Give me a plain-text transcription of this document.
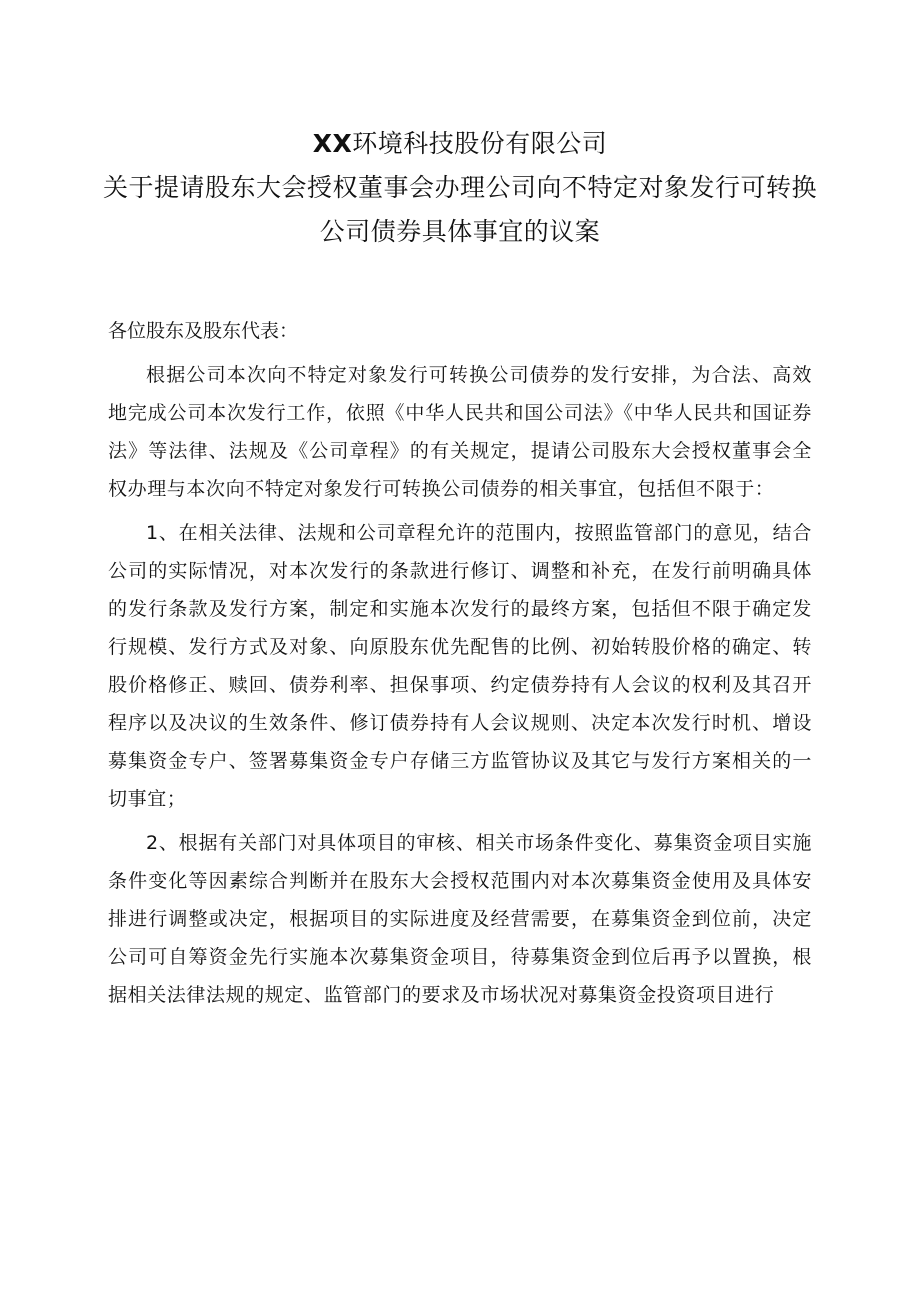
XX环境科技股份有限公司
关于提请股东大会授权董事会办理公司向不特定对象发行可转换
公司债券具体事宜的议案

各位股东及股东代表：

根据公司本次向不特定对象发行可转换公司债券的发行安排，为合法、高效地完成公司本次发行工作，依照《中华人民共和国公司法》《中华人民共和国证券法》等法律、法规及《公司章程》的有关规定，提请公司股东大会授权董事会全权办理与本次向不特定对象发行可转换公司债券的相关事宜，包括但不限于：

1、在相关法律、法规和公司章程允许的范围内，按照监管部门的意见，结合公司的实际情况，对本次发行的条款进行修订、调整和补充，在发行前明确具体的发行条款及发行方案，制定和实施本次发行的最终方案，包括但不限于确定发行规模、发行方式及对象、向原股东优先配售的比例、初始转股价格的确定、转股价格修正、赎回、债券利率、担保事项、约定债券持有人会议的权利及其召开程序以及决议的生效条件、修订债券持有人会议规则、决定本次发行时机、增设募集资金专户、签署募集资金专户存储三方监管协议及其它与发行方案相关的一切事宜；

2、根据有关部门对具体项目的审核、相关市场条件变化、募集资金项目实施条件变化等因素综合判断并在股东大会授权范围内对本次募集资金使用及具体安排进行调整或决定，根据项目的实际进度及经营需要，在募集资金到位前，决定公司可自筹资金先行实施本次募集资金项目，待募集资金到位后再予以置换，根据相关法律法规的规定、监管部门的要求及市场状况对募集资金投资项目进行
